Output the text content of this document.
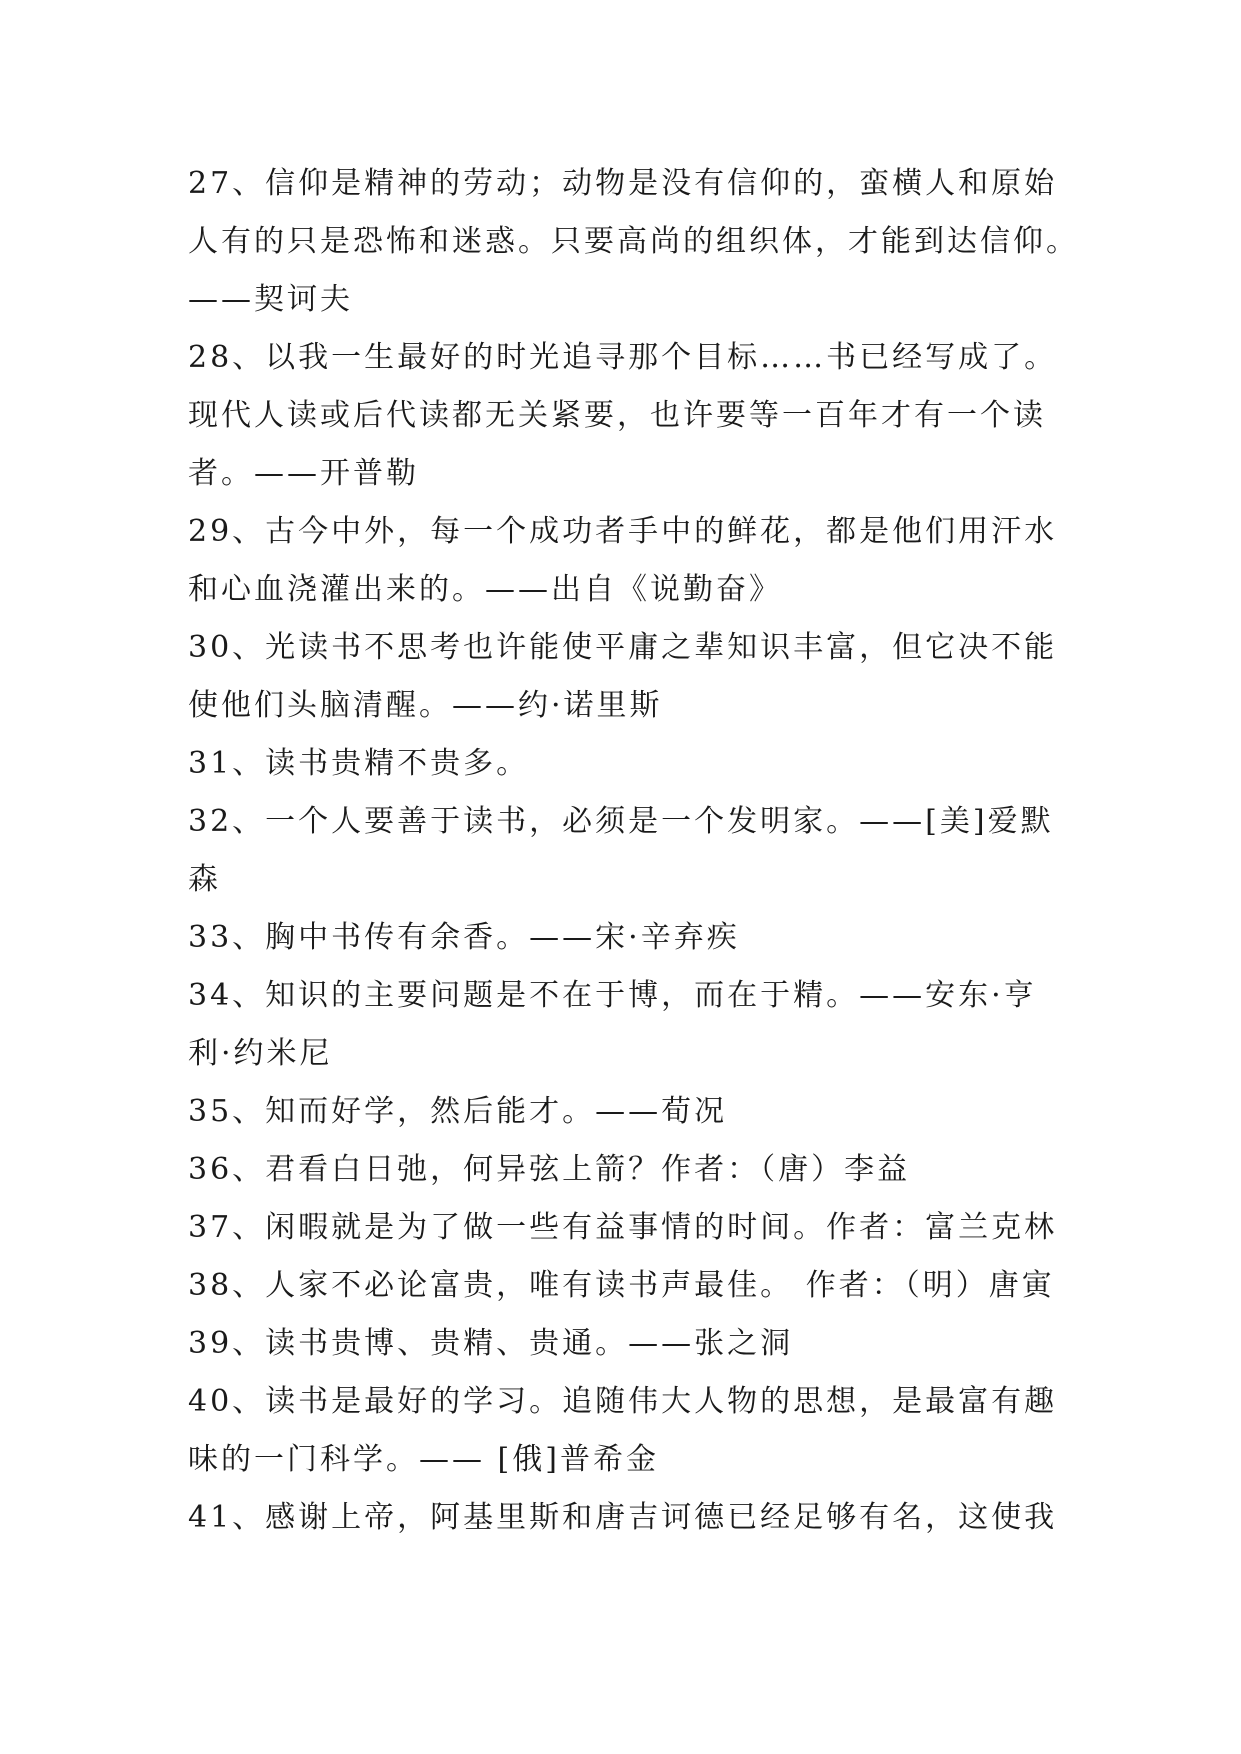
27、信仰是精神的劳动；动物是没有信仰的，蛮横人和原始
人有的只是恐怖和迷惑。只要高尚的组织体，才能到达信仰。
——契诃夫
28、以我一生最好的时光追寻那个目标……书已经写成了。
现代人读或后代读都无关紧要，也许要等一百年才有一个读
者。——开普勒
29、古今中外，每一个成功者手中的鲜花，都是他们用汗水
和心血浇灌出来的。——出自《说勤奋》
30、光读书不思考也许能使平庸之辈知识丰富，但它决不能
使他们头脑清醒。——约·诺里斯
31、读书贵精不贵多。
32、一个人要善于读书，必须是一个发明家。——[美]爱默
森
33、胸中书传有余香。——宋·辛弃疾
34、知识的主要问题是不在于博，而在于精。——安东·亨
利·约米尼
35、知而好学，然后能才。——荀况
36、君看白日弛，何异弦上箭？作者：（唐）李益
37、闲暇就是为了做一些有益事情的时间。作者：富兰克林
38、人家不必论富贵，唯有读书声最佳。 作者：（明）唐寅
39、读书贵博、贵精、贵通。——张之洞
40、读书是最好的学习。追随伟大人物的思想，是最富有趣
味的一门科学。—— [俄]普希金
41、感谢上帝，阿基里斯和唐吉诃德已经足够有名，这使我
